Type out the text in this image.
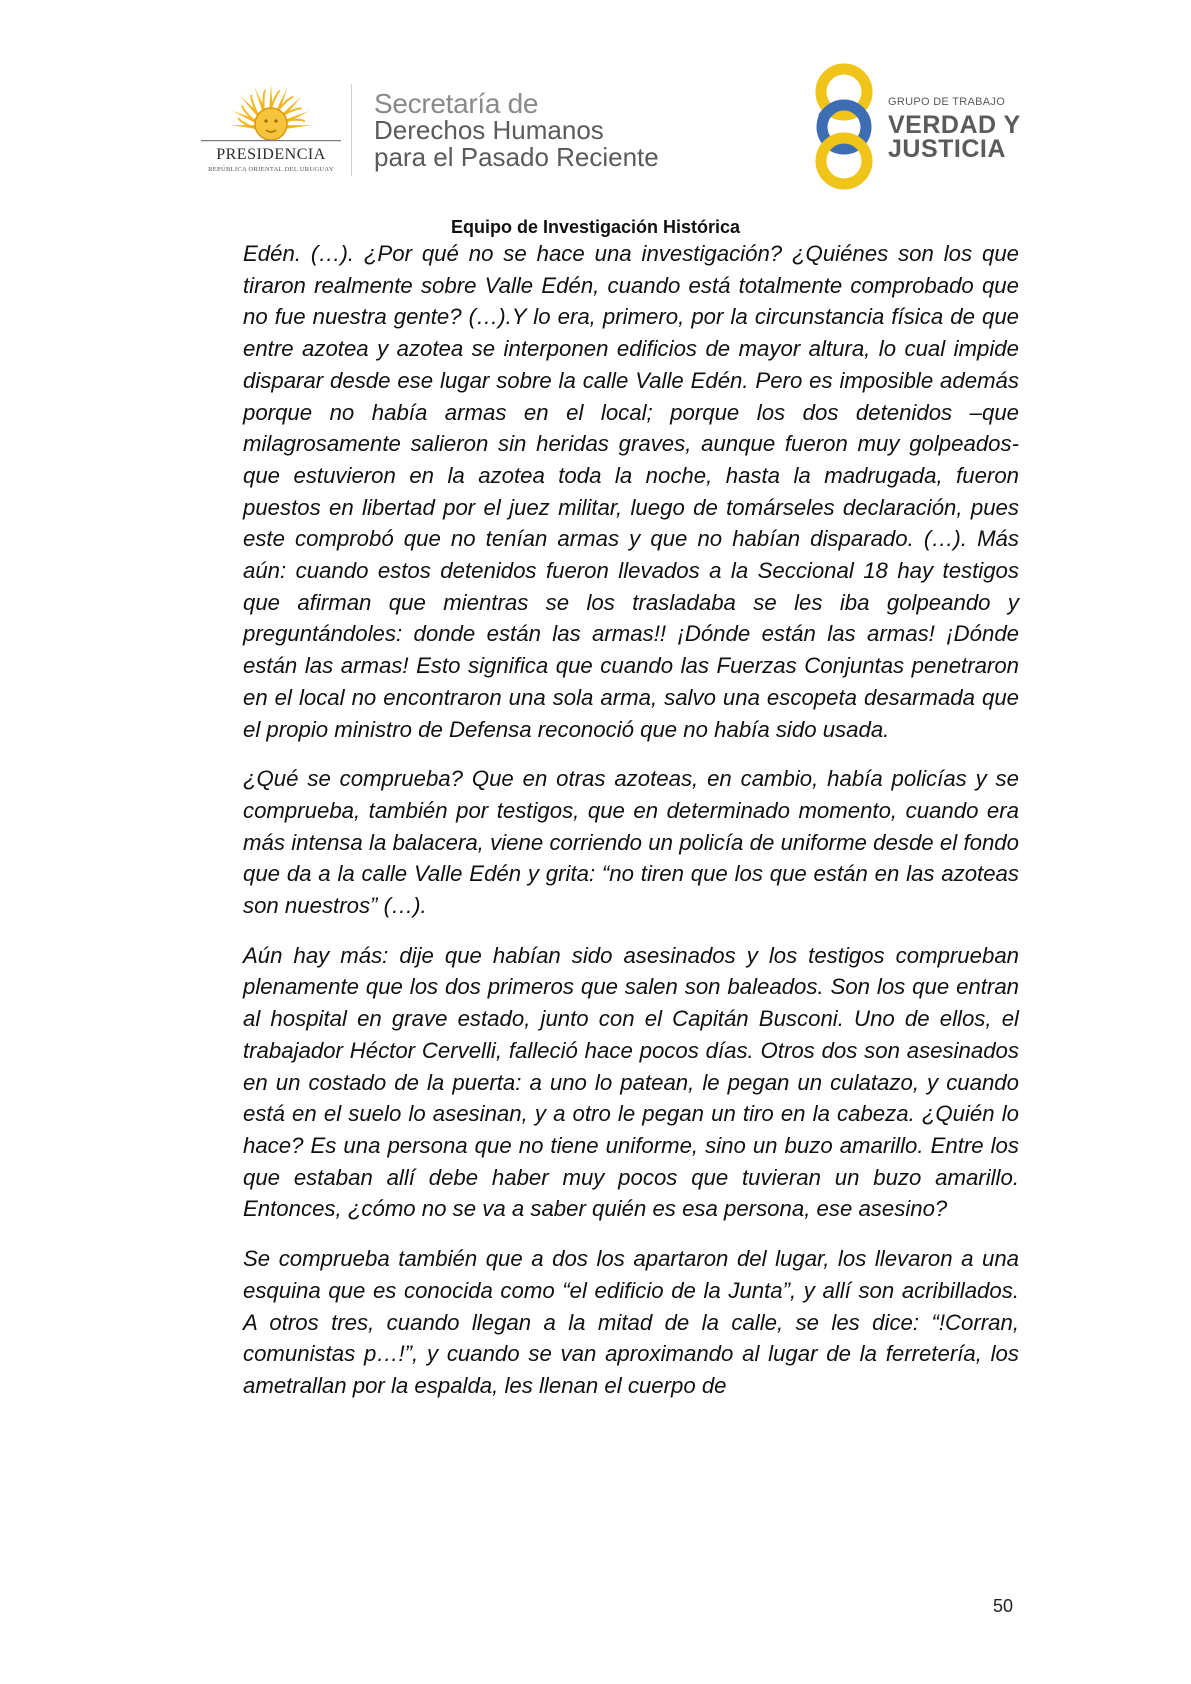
PRESIDENCIA
REPÚBLICA ORIENTAL DEL URUGUAY
Secretaría de
Derechos Humanos
para el Pasado Reciente
GRUPO DE TRABAJO
VERDAD Y
JUSTICIA
Equipo de Investigación Histórica

Edén. (…). ¿Por qué no se hace una investigación? ¿Quiénes son los que tiraron realmente sobre Valle Edén, cuando está totalmente comprobado que no fue nuestra gente? (…).Y lo era, primero, por la circunstancia física de que entre azotea y azotea se interponen edificios de mayor altura, lo cual impide disparar desde ese lugar sobre la calle Valle Edén. Pero es imposible además porque no había armas en el local; porque los dos detenidos –que milagrosamente salieron sin heridas graves, aunque fueron muy golpeados- que estuvieron en la azotea toda la noche, hasta la madrugada, fueron puestos en libertad por el juez militar, luego de tomárseles declaración, pues este comprobó que no tenían armas y que no habían disparado. (…). Más aún: cuando estos detenidos fueron llevados a la Seccional 18 hay testigos que afirman que mientras se los trasladaba se les iba golpeando y preguntándoles: donde están las armas!! ¡Dónde están las armas! ¡Dónde están las armas! Esto significa que cuando las Fuerzas Conjuntas penetraron en el local no encontraron una sola arma, salvo una escopeta desarmada que el propio ministro de Defensa reconoció que no había sido usada.

¿Qué se comprueba? Que en otras azoteas, en cambio, había policías y se comprueba, también por testigos, que en determinado momento, cuando era más intensa la balacera, viene corriendo un policía de uniforme desde el fondo que da a la calle Valle Edén y grita: “no tiren que los que están en las azoteas son nuestros” (…).

Aún hay más: dije que habían sido asesinados y los testigos comprueban plenamente que los dos primeros que salen son baleados. Son los que entran al hospital en grave estado, junto con el Capitán Busconi. Uno de ellos, el trabajador Héctor Cervelli, falleció hace pocos días. Otros dos son asesinados en un costado de la puerta: a uno lo patean, le pegan un culatazo, y cuando está en el suelo lo asesinan, y a otro le pegan un tiro en la cabeza. ¿Quién lo hace? Es una persona que no tiene uniforme, sino un buzo amarillo. Entre los que estaban allí debe haber muy pocos que tuvieran un buzo amarillo. Entonces, ¿cómo no se va a saber quién es esa persona, ese asesino?

Se comprueba también que a dos los apartaron del lugar, los llevaron a una esquina que es conocida como “el edificio de la Junta”, y allí son acribillados. A otros tres, cuando llegan a la mitad de la calle, se les dice: “!Corran, comunistas p…!”, y cuando se van aproximando al lugar de la ferretería, los ametrallan por la espalda, les llenan el cuerpo de

50
